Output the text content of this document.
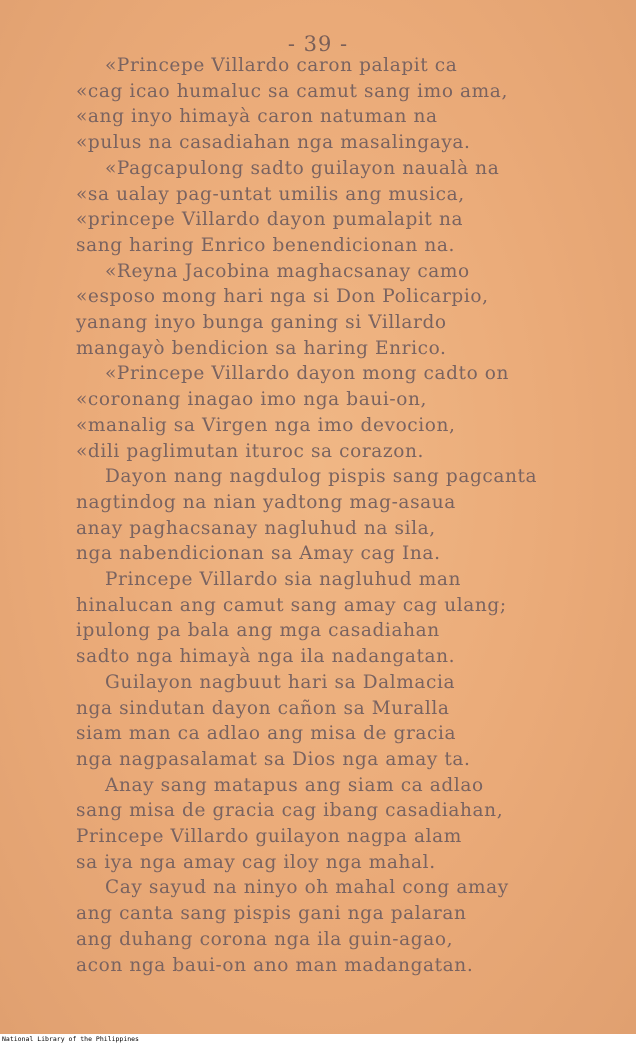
- 39 -
«Princepe Villardo caron palapit ca
«cag icao humaluc sa camut sang imo ama,
«ang inyo himayà caron natuman na
«pulus na casadiahan nga masalingaya.
«Pagcapulong sadto guilayon naualà na
«sa ualay pag-untat umilis ang musica,
«princepe Villardo dayon pumalapit na
sang haring Enrico benendicionan na.
«Reyna Jacobina maghacsanay camo
«esposo mong hari nga si Don Policarpio,
yanang inyo bunga ganing si Villardo
mangayò bendicion sa haring Enrico.
«Princepe Villardo dayon mong cadto on
«coronang inagao imo nga baui-on,
«manalig sa Virgen nga imo devocion,
«dili paglimutan ituroc sa corazon.
Dayon nang nagdulog pispis sang pagcanta
nagtindog na nian yadtong mag-asaua
anay paghacsanay nagluhud na sila,
nga nabendicionan sa Amay cag Ina.
Princepe Villardo sia nagluhud man
hinalucan ang camut sang amay cag ulang;
ipulong pa bala ang mga casadiahan
sadto nga himayà nga ila nadangatan.
Guilayon nagbuut hari sa Dalmacia
nga sindutan dayon cañon sa Muralla
siam man ca adlao ang misa de gracia
nga nagpasalamat sa Dios nga amay ta.
Anay sang matapus ang siam ca adlao
sang misa de gracia cag ibang casadiahan,
Princepe Villardo guilayon nagpa alam
sa iya nga amay cag iloy nga mahal.
Cay sayud na ninyo oh mahal cong amay
ang canta sang pispis gani nga palaran
ang duhang corona nga ila guin-agao,
acon nga baui-on ano man madangatan.
National Library of the Philippines
